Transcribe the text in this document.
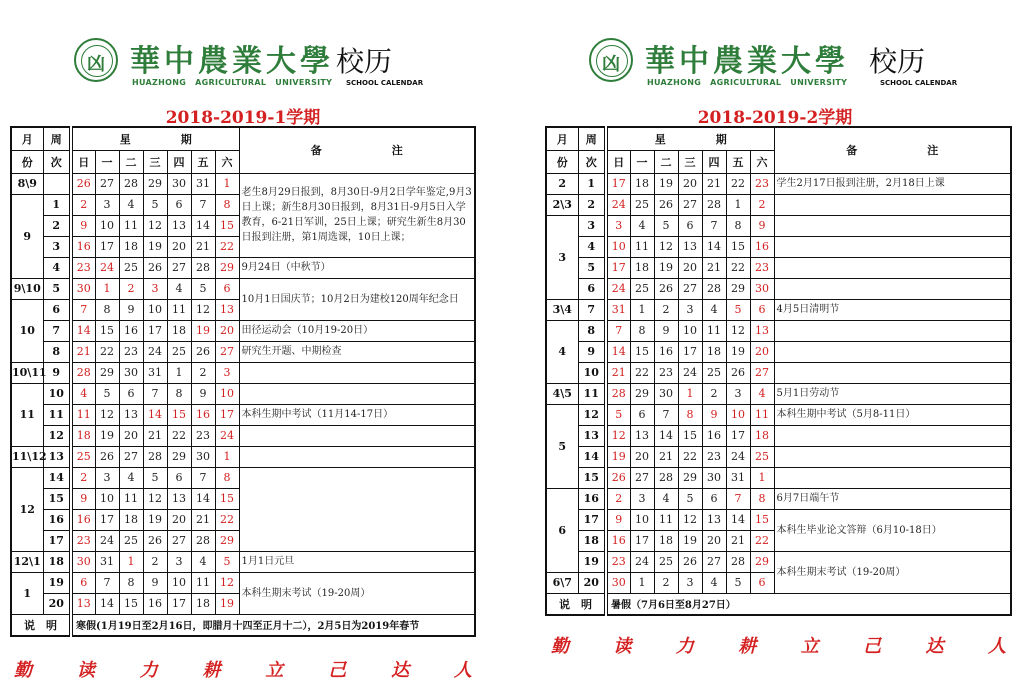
凶 華中農業大學
HUAZHONG AGRICULTURAL UNIVERSITY
校历
SCHOOL CALENDAR
2018-2019-1学期
月	周	星 期							备 注
份	次	日	一	二	三	四	五	六	
8\9		26	27	28	29	30	31	1	老生8月29日报到，8月30日-9月2日学年鉴定,9月3日上课；新生8月30日报到，8月31日-9月5日入学教育，6-21日军训，25日上课；研究生新生8月30日报到注册，第1周选课，10日上课；
9	1	2	3	4	5	6	7	8	
	2	9	10	11	12	13	14	15	
	3	16	17	18	19	20	21	22	
	4	23	24	25	26	27	28	29	9月24日（中秋节）
9\10	5	30	1	2	3	4	5	6	10月1日国庆节；10月2日为建校120周年纪念日
10	6	7	8	9	10	11	12	13	
	7	14	15	16	17	18	19	20	田径运动会（10月19-20日）
	8	21	22	23	24	25	26	27	研究生开题、中期检查
10\11	9	28	29	30	31	1	2	3	
11	10	4	5	6	7	8	9	10	
	11	11	12	13	14	15	16	17	本科生期中考试（11月14-17日）
	12	18	19	20	21	22	23	24	
11\12	13	25	26	27	28	29	30	1	
12	14	2	3	4	5	6	7	8	
	15	9	10	11	12	13	14	15	
	16	16	17	18	19	20	21	22	
	17	23	24	25	26	27	28	29	
12\1	18	30	31	1	2	3	4	5	1月1日元旦
1	19	6	7	8	9	10	11	12	本科生期末考试（19-20周）
	20	13	14	15	16	17	18	19	
说　明		寒假(1月19日至2月16日，即腊月十四至正月十二），2月5日为2019年春节							
勤 读 力 耕 立 己 达 人
凶 華中農業大學
HUAZHONG AGRICULTURAL UNIVERSITY
校历
SCHOOL CALENDAR
2018-2019-2学期
月	周	星 期							备 注
份	次	日	一	二	三	四	五	六	
2	1	17	18	19	20	21	22	23	学生2月17日报到注册，2月18日上课
2\3	2	24	25	26	27	28	1	2	
3	3	3	4	5	6	7	8	9	
	4	10	11	12	13	14	15	16	
	5	17	18	19	20	21	22	23	
	6	24	25	26	27	28	29	30	
3\4	7	31	1	2	3	4	5	6	4月5日清明节
4	8	7	8	9	10	11	12	13	
	9	14	15	16	17	18	19	20	
	10	21	22	23	24	25	26	27	
4\5	11	28	29	30	1	2	3	4	5月1日劳动节
5	12	5	6	7	8	9	10	11	本科生期中考试（5月8-11日）
	13	12	13	14	15	16	17	18	
	14	19	20	21	22	23	24	25	
	15	26	27	28	29	30	31	1	
6	16	2	3	4	5	6	7	8	6月7日端午节
	17	9	10	11	12	13	14	15	本科生毕业论文答辩（6月10-18日）
	18	16	17	18	19	20	21	22	
	19	23	24	25	26	27	28	29	本科生期末考试（19-20周）
6\7	20	30	1	2	3	4	5	6	
说　明		暑假（7月6日至8月27日）							
勤 读 力 耕 立 己 达 人
